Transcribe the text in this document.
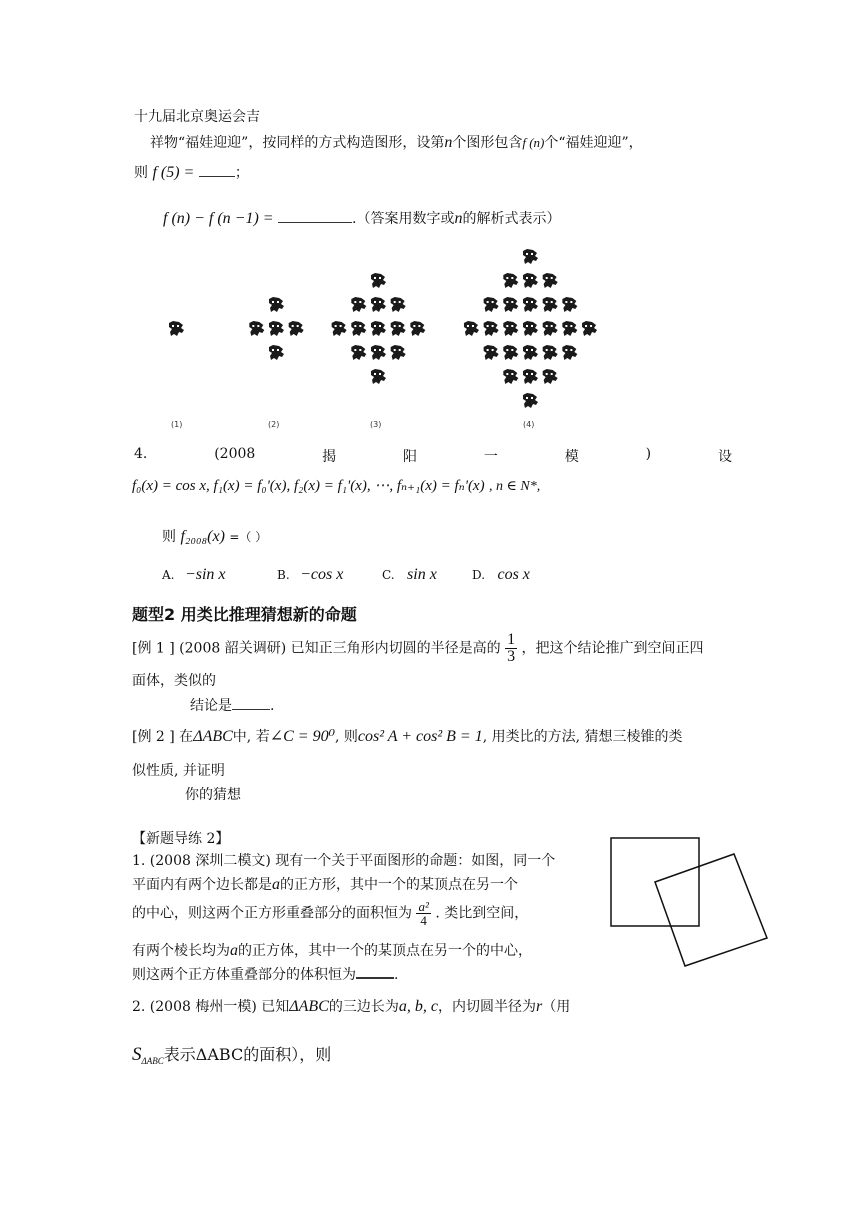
十九届北京奥运会吉
祥物“福娃迎迎”，按同样的方式构造图形，设第n个图形包含f (n)个“福娃迎迎”，
则 f (5) =	；
f (n) − f (n −1) =	.（答案用数字或n的解析式表示）
(1)	(2)	(3)	(4)
4.	(2008	揭	阳	一	模	)	设
f₀(x) = cos x, f₁(x) = f₀'(x), f₂(x) = f₁'(x), ⋯, fₙ₊₁(x) = fₙ'(x) , n ∈ N*,
则 f₂₀₀₈(x) =（ ）
A. −sin x	B. −cos x	C. sin x	D. cos x
题型2 用类比推理猜想新的命题
[例 1 ] (2008 韶关调研) 已知正三角形内切圆的半径是高的 $\frac{1}{3}$ ，把这个结论推广到空间正四
面体，类似的
结论是	.
[例 2 ] 在ΔABC中, 若∠C = 90⁰, 则cos² A + cos² B = 1, 用类比的方法, 猜想三棱锥的类
似性质, 并证明
你的猜想
【新题导练 2】
1. (2008 深圳二模文) 现有一个关于平面图形的命题：如图，同一个
平面内有两个边长都是a的正方形，其中一个的某顶点在另一个
的中心，则这两个正方形重叠部分的面积恒为 $\frac{\text{a²}}{4}$ . 类比到空间，
有两个棱长均为a的正方体，其中一个的某顶点在另一个的中心，
则这两个正方体重叠部分的体积恒为	.
2. (2008 梅州一模) 已知ΔABC的三边长为a, b, c，内切圆半径为r（用
$S_{\Delta ABC}$表示ΔABC的面积），则
